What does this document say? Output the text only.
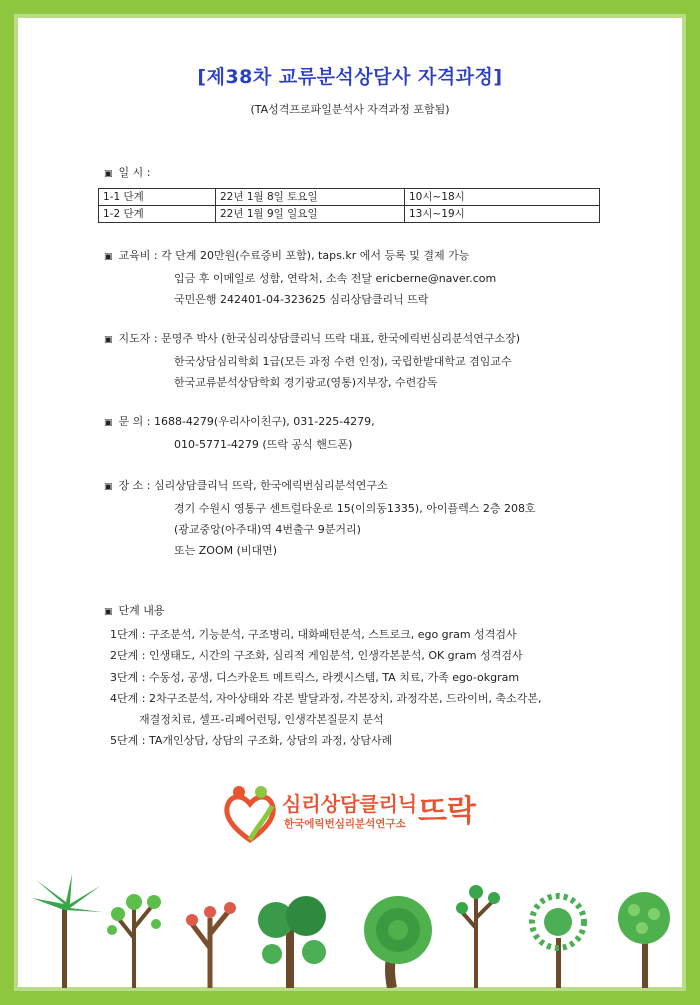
[제38차 교류분석상담사 자격과정]
(TA성격프로파일분석사 자격과정 포함됨)
▣ 일 시 :
1-1 단계	22년 1월 8일 토요일	10시~18시
1-2 단계	22년 1월 9일 일요일	13시~19시
▣ 교육비 : 각 단계 20만원(수료증비 포함), taps.kr 에서 등록 및 결제 가능
입금 후 이메일로 성함, 연락처, 소속 전달 ericberne@naver.com
국민은행 242401-04-323625 심리상담클리닉 뜨락
▣ 지도자 : 문영주 박사 (한국심리상담클리닉 뜨락 대표, 한국에릭번심리분석연구소장)
한국상담심리학회 1급(모든 과정 수련 인정), 국립한밭대학교 겸임교수
한국교류분석상담학회 경기광교(영통)지부장, 수련감독
▣ 문 의 : 1688-4279(우리사이친구), 031-225-4279,
010-5771-4279 (뜨락 공식 핸드폰)
▣ 장 소 : 심리상담클리닉 뜨락, 한국에릭번심리분석연구소
경기 수원시 영통구 센트럴타운로 15(이의동1335), 아이플렉스 2층 208호
(광교중앙(아주대)역 4번출구 9분거리)
또는 ZOOM (비대면)
▣ 단계 내용
1단계 : 구조분석, 기능분석, 구조병리, 대화패턴분석, 스트로크, ego gram 성격검사
2단계 : 인생태도, 시간의 구조화, 심리적 게임분석, 인생각본분석, OK gram 성격검사
3단계 : 수동성, 공생, 디스카운트 메트릭스, 라켓시스템, TA 치료, 가족 ego-okgram
4단계 : 2차구조분석, 자아상태와 각본 발달과정, 각본장치, 과정각본, 드라이버, 축소각본,
재결정치료, 셀프-리페어런팅, 인생각본질문지 분석
5단계 : TA개인상담, 상담의 구조화, 상담의 과정, 상담사례
심리상담클리닉 뜨락
한국에릭번심리분석연구소
